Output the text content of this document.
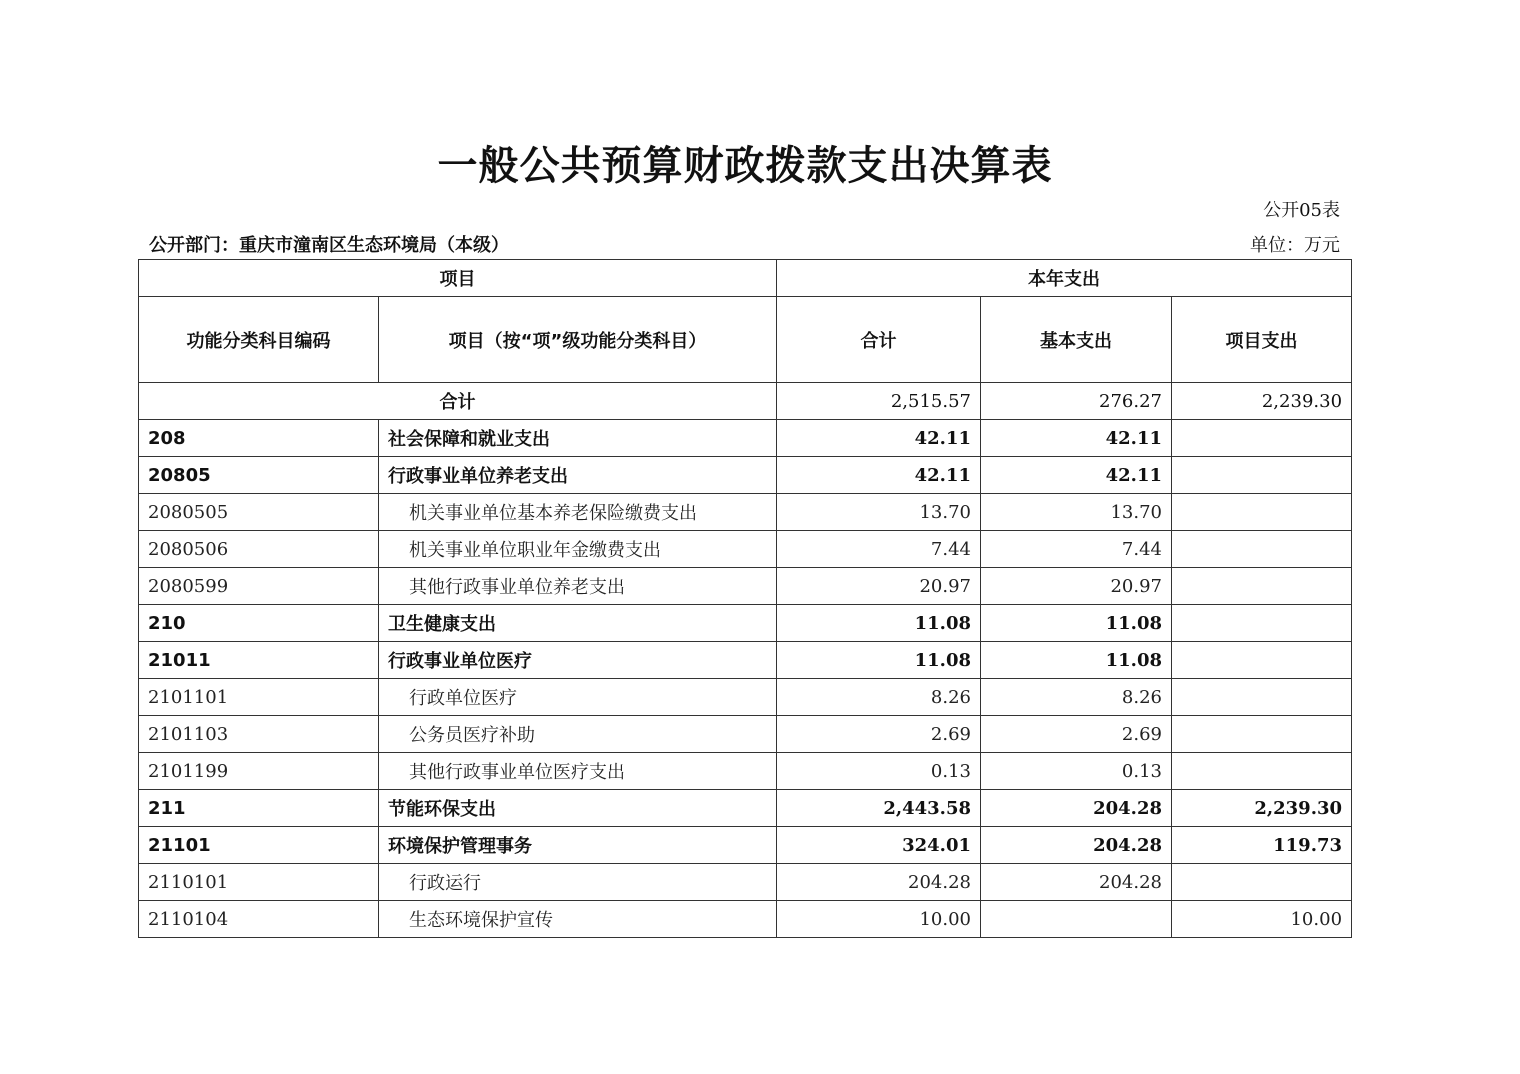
一般公共预算财政拨款支出决算表
公开05表
公开部门：重庆市潼南区生态环境局（本级）	单位：万元
项目		本年支出		
功能分类科目编码	项目（按“项”级功能分类科目）	合计	基本支出	项目支出
合计		2,515.57	276.27	2,239.30
208	社会保障和就业支出	42.11	42.11	
20805	行政事业单位养老支出	42.11	42.11	
2080505	机关事业单位基本养老保险缴费支出	13.70	13.70	
2080506	机关事业单位职业年金缴费支出	7.44	7.44	
2080599	其他行政事业单位养老支出	20.97	20.97	
210	卫生健康支出	11.08	11.08	
21011	行政事业单位医疗	11.08	11.08	
2101101	行政单位医疗	8.26	8.26	
2101103	公务员医疗补助	2.69	2.69	
2101199	其他行政事业单位医疗支出	0.13	0.13	
211	节能环保支出	2,443.58	204.28	2,239.30
21101	环境保护管理事务	324.01	204.28	119.73
2110101	行政运行	204.28	204.28	
2110104	生态环境保护宣传	10.00		10.00
